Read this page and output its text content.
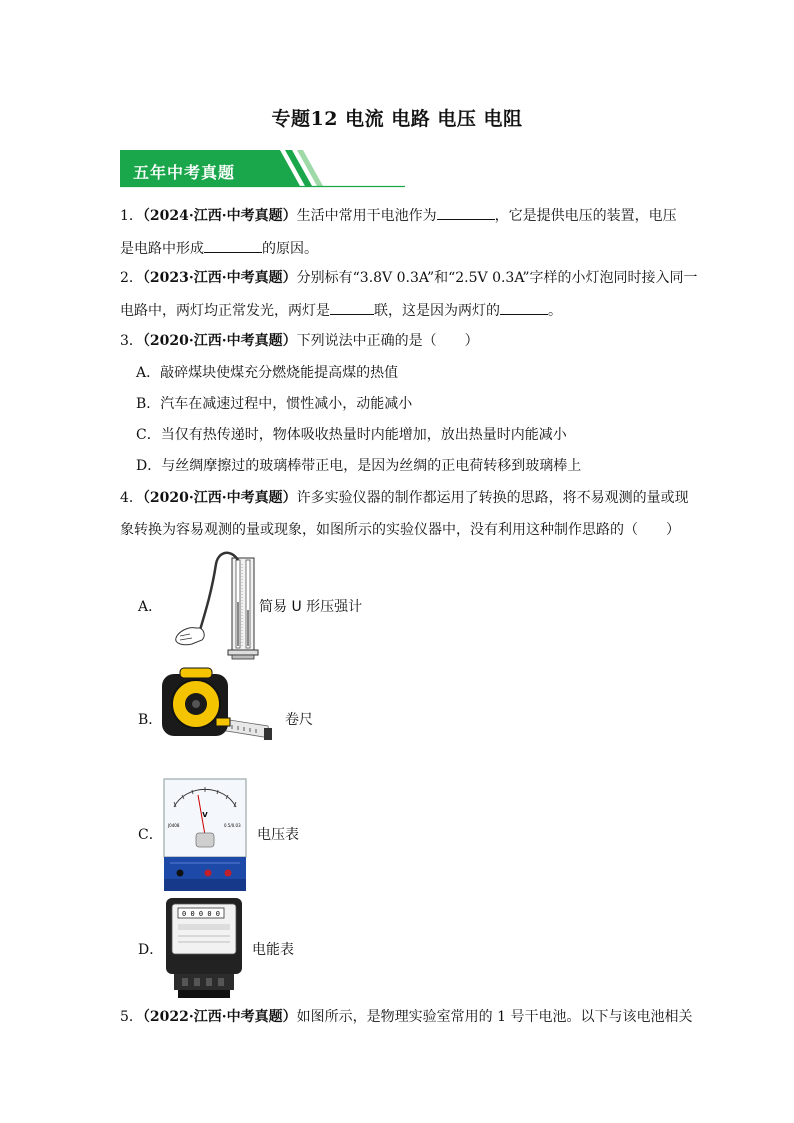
专题12 电流 电路 电压 电阻
五年中考真题
1．（2024·江西·中考真题）生活中常用干电池作为	，它是提供电压的装置，电压
是电路中形成	的原因。
2．（2023·江西·中考真题）分别标有“3.8V 0.3A”和“2.5V 0.3A”字样的小灯泡同时接入同一
电路中，两灯均正常发光，两灯是	联，这是因为两灯的	。
3．（2020·江西·中考真题）下列说法中正确的是（　　）
A．敲碎煤块使煤充分燃烧能提高煤的热值
B．汽车在减速过程中，惯性减小，动能减小
C．当仅有热传递时，物体吸收热量时内能增加，放出热量时内能减小
D．与丝绸摩擦过的玻璃棒带正电，是因为丝绸的正电荷转移到玻璃棒上
4．（2020·江西·中考真题）许多实验仪器的制作都运用了转换的思路，将不易观测的量或现
象转换为容易观测的量或现象，如图所示的实验仪器中，没有利用这种制作思路的（　　）
A．	简易 U 形压强计
B．	卷尺
C．
V
J0408	0.5/0.03
电压表
D．
0 0 0 0 0
电能表
5．（2022·江西·中考真题）如图所示，是物理实验室常用的 1 号干电池。以下与该电池相关
